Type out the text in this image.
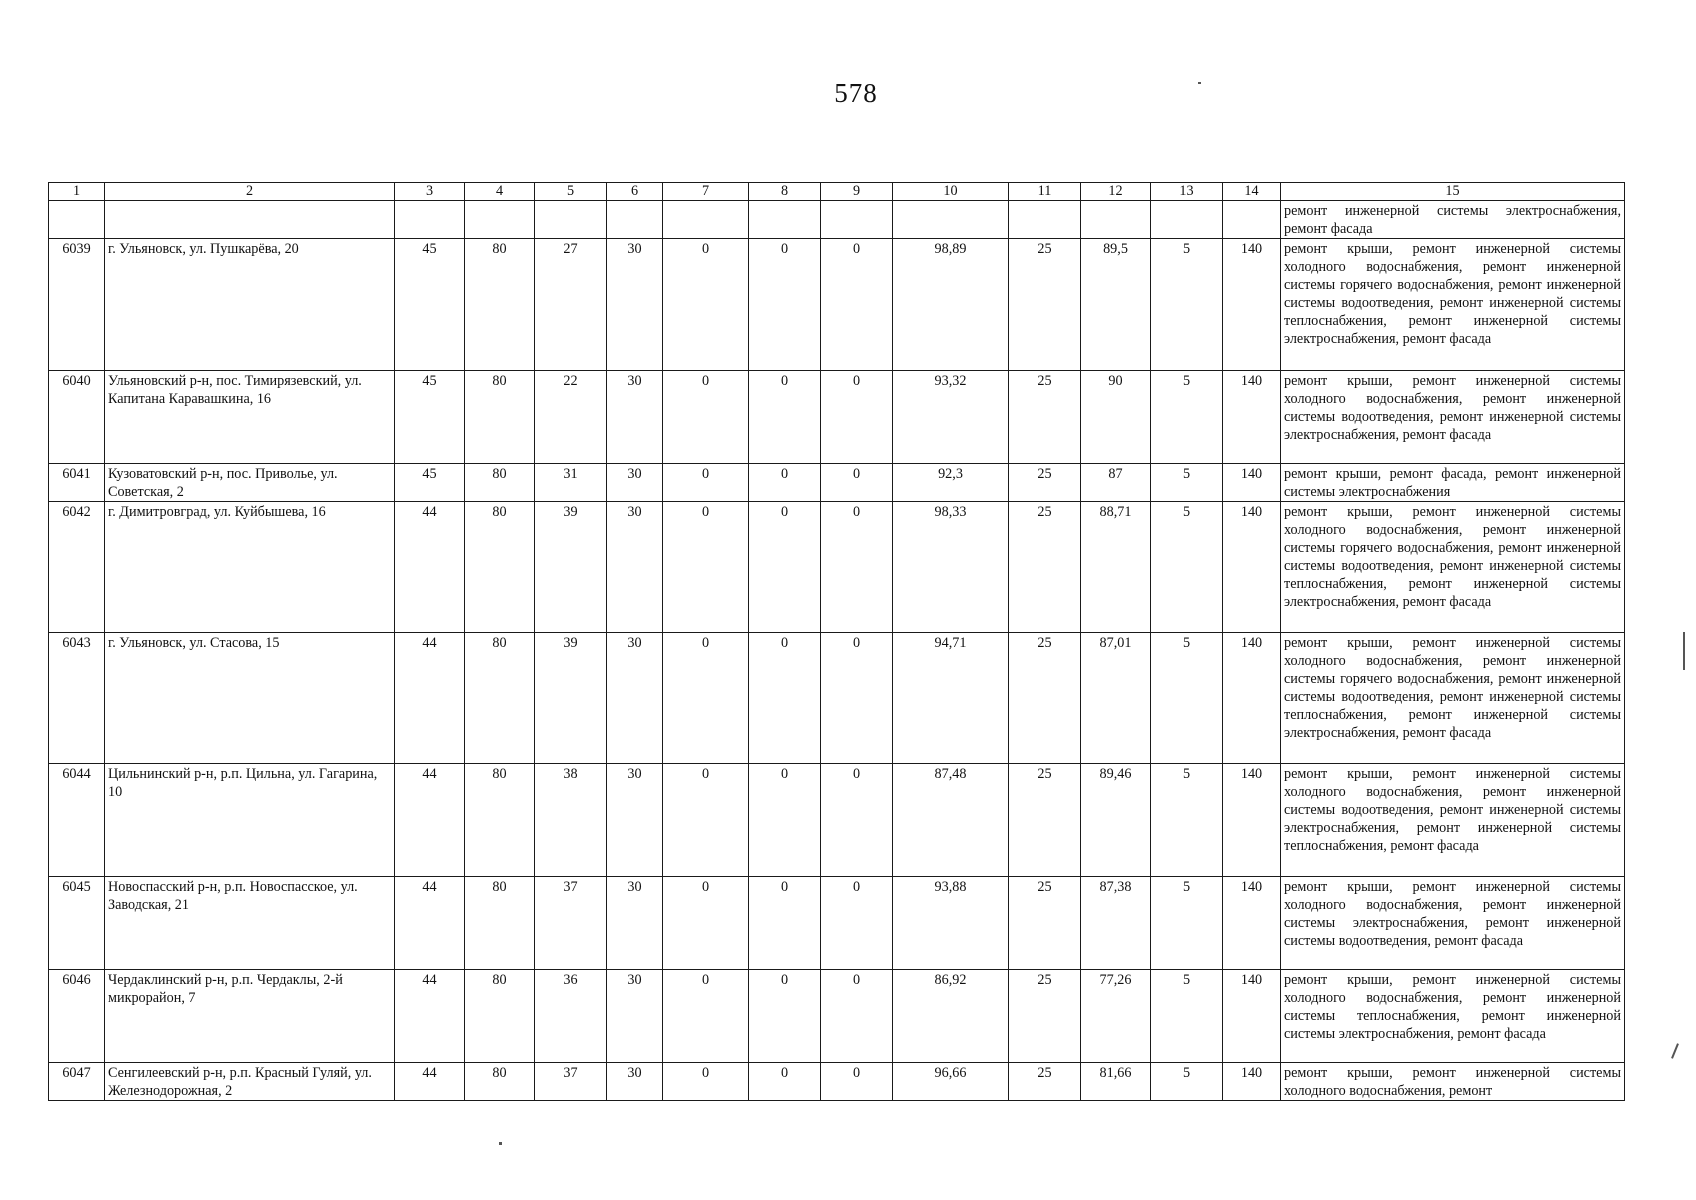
578
1	2	3	4	5	6	7	8	9	10	11	12	13	14	15
														ремонт инженерной системы электроснабжения, ремонт фасада
6039	г. Ульяновск, ул. Пушкарёва, 20	45	80	27	30	0	0	0	98,89	25	89,5	5	140	ремонт крыши, ремонт инженерной системы холодного водоснабжения, ремонт инженерной системы горячего водоснабжения, ремонт инженерной системы водоотведения, ремонт инженерной системы теплоснабжения, ремонт инженерной системы электроснабжения, ремонт фасада
6040	Ульяновский р-н, пос. Тимирязевский, ул. Капитана Каравашкина, 16	45	80	22	30	0	0	0	93,32	25	90	5	140	ремонт крыши, ремонт инженерной системы холодного водоснабжения, ремонт инженерной системы водоотведения, ремонт инженерной системы электроснабжения, ремонт фасада
6041	Кузоватовский р-н, пос. Приволье, ул. Советская, 2	45	80	31	30	0	0	0	92,3	25	87	5	140	ремонт крыши, ремонт фасада, ремонт инженерной системы электроснабжения
6042	г. Димитровград, ул. Куйбышева, 16	44	80	39	30	0	0	0	98,33	25	88,71	5	140	ремонт крыши, ремонт инженерной системы холодного водоснабжения, ремонт инженерной системы горячего водоснабжения, ремонт инженерной системы водоотведения, ремонт инженерной системы теплоснабжения, ремонт инженерной системы электроснабжения, ремонт фасада
6043	г. Ульяновск, ул. Стасова, 15	44	80	39	30	0	0	0	94,71	25	87,01	5	140	ремонт крыши, ремонт инженерной системы холодного водоснабжения, ремонт инженерной системы горячего водоснабжения, ремонт инженерной системы водоотведения, ремонт инженерной системы теплоснабжения, ремонт инженерной системы электроснабжения, ремонт фасада
6044	Цильнинский р-н, р.п. Цильна, ул. Гагарина, 10	44	80	38	30	0	0	0	87,48	25	89,46	5	140	ремонт крыши, ремонт инженерной системы холодного водоснабжения, ремонт инженерной системы водоотведения, ремонт инженерной системы электроснабжения, ремонт инженерной системы теплоснабжения, ремонт фасада
6045	Новоспасский р-н, р.п. Новоспасское, ул. Заводская, 21	44	80	37	30	0	0	0	93,88	25	87,38	5	140	ремонт крыши, ремонт инженерной системы холодного водоснабжения, ремонт инженерной системы электроснабжения, ремонт инженерной системы водоотведения, ремонт фасада
6046	Чердаклинский р-н, р.п. Чердаклы, 2-й микрорайон, 7	44	80	36	30	0	0	0	86,92	25	77,26	5	140	ремонт крыши, ремонт инженерной системы холодного водоснабжения, ремонт инженерной системы теплоснабжения, ремонт инженерной системы электроснабжения, ремонт фасада
6047	Сенгилеевский р-н, р.п. Красный Гуляй, ул. Железнодорожная, 2	44	80	37	30	0	0	0	96,66	25	81,66	5	140	ремонт крыши, ремонт инженерной системы холодного водоснабжения, ремонт
